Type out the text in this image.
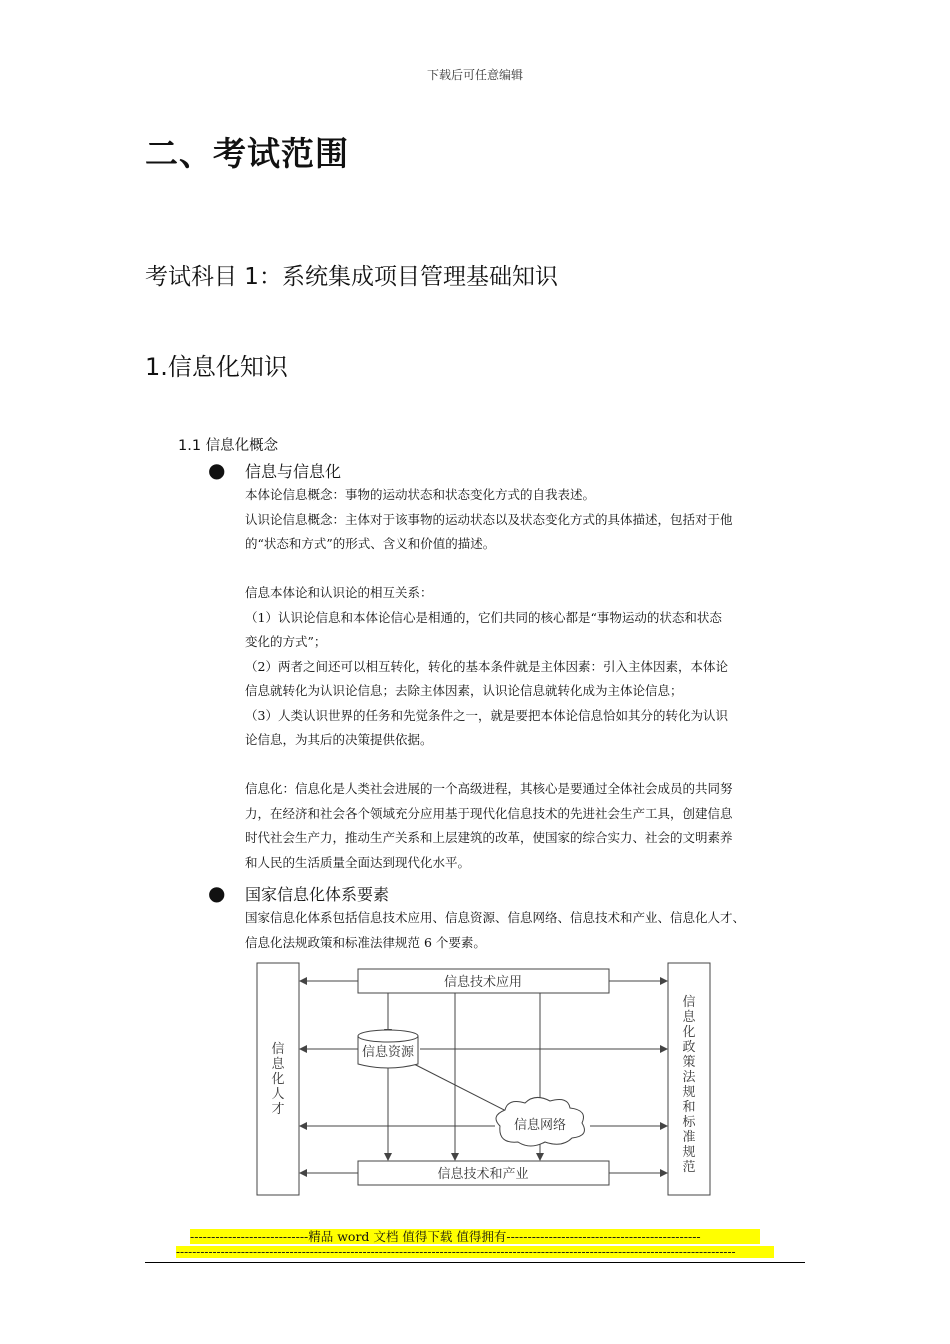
下载后可任意编辑
二、考试范围
考试科目 1：系统集成项目管理基础知识
1.信息化知识
1.1 信息化概念
● 信息与信息化
本体论信息概念：事物的运动状态和状态变化方式的自我表述。
认识论信息概念：主体对于该事物的运动状态以及状态变化方式的具体描述，包括对于他
的“状态和方式”的形式、含义和价值的描述。

信息本体论和认识论的相互关系：
（1）认识论信息和本体论信心是相通的，它们共同的核心都是“事物运动的状态和状态
变化的方式”；
（2）两者之间还可以相互转化，转化的基本条件就是主体因素：引入主体因素，本体论
信息就转化为认识论信息；去除主体因素，认识论信息就转化成为主体论信息；
（3）人类认识世界的任务和先觉条件之一，就是要把本体论信息恰如其分的转化为认识
论信息，为其后的决策提供依据。

信息化：信息化是人类社会进展的一个高级进程，其核心是要通过全体社会成员的共同努
力，在经济和社会各个领域充分应用基于现代化信息技术的先进社会生产工具，创建信息
时代社会生产力，推动生产关系和上层建筑的改革，使国家的综合实力、社会的文明素养
和人民的生活质量全面达到现代化水平。
● 国家信息化体系要素
国家信息化体系包括信息技术应用、信息资源、信息网络、信息技术和产业、信息化人才、
信息化法规政策和标准法律规范 6 个要素。
信息技术应用
信息技术和产业
信息资源
信息网络
信
息
化
人
才
信
息
化
政
策
法
规
和
标
准
规
范
----------------------------精品 word 文档 值得下载 值得拥有----------------------------------------------
------------------------------------------------------------------------------------------------------------------------------------------
